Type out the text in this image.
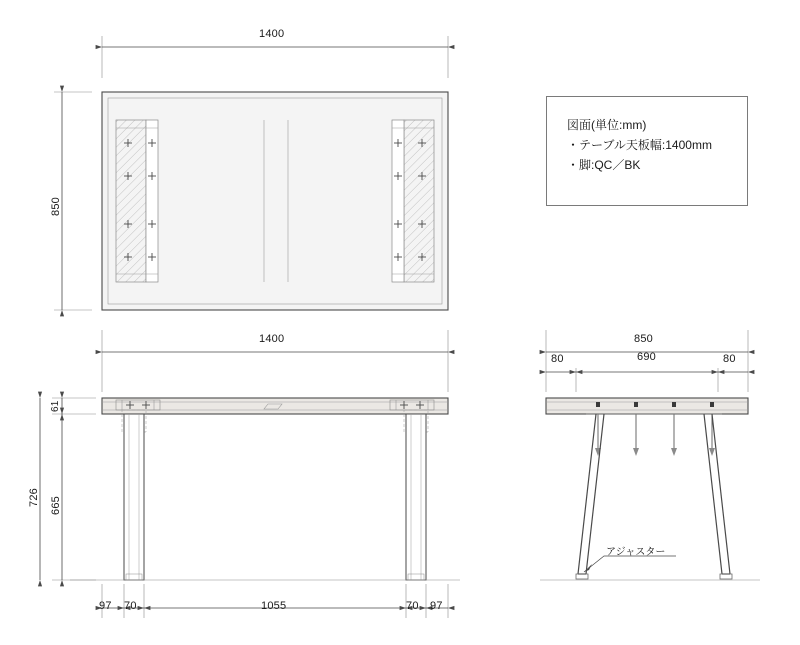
1400
850
1400
61
665
726
97 70	1055	70 97
850
80	690	80
アジャスター
図面(単位:mm)
・テーブル天板幅:1400mm
・脚:QC／BK
